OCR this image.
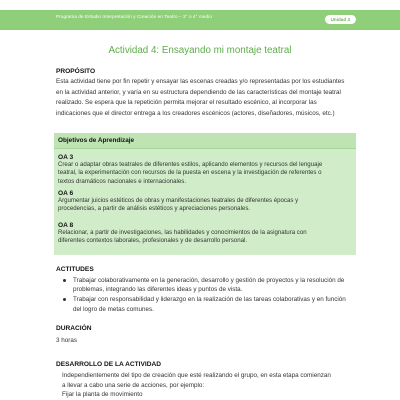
Programa de Estudio Interpretación y Creación en Teatro – 3° o 4° medio
Unidad 3
Actividad 4: Ensayando mi montaje teatral

PROPÓSITO

Esta actividad tiene por fin repetir y ensayar las escenas creadas y/o representadas por los estudiantes
en la actividad anterior, y varía en su estructura dependiendo de las características del montaje teatral
realizado. Se espera que la repetición permita mejorar el resultado escénico, al incorporar las
indicaciones que el director entrega a los creadores escénicos (actores, diseñadores, músicos, etc.)

Objetivos de Aprendizaje
OA 3
Crear o adaptar obras teatrales de diferentes estilos, aplicando elementos y recursos del lenguaje
teatral, la experimentación con recursos de la puesta en escena y la investigación de referentes o
textos dramáticos nacionales e internacionales.
OA 6
Argumentar juicios estéticos de obras y manifestaciones teatrales de diferentes épocas y
procedencias, a partir de análisis estéticos y apreciaciones personales.
OA 8
Relacionar, a partir de investigaciones, las habilidades y conocimientos de la asignatura con
diferentes contextos laborales, profesionales y de desarrollo personal.

ACTITUDES

Trabajar colaborativamente en la generación, desarrollo y gestión de proyectos y la resolución de
problemas, integrando las diferentes ideas y puntos de vista.
Trabajar con responsabilidad y liderazgo en la realización de las tareas colaborativas y en función
del logro de metas comunes.

DURACIÓN

3 horas

DESARROLLO DE LA ACTIVIDAD

Independientemente del tipo de creación que esté realizando el grupo, en esta etapa comienzan
a llevar a cabo una serie de acciones, por ejemplo:
Fijar la planta de movimiento
